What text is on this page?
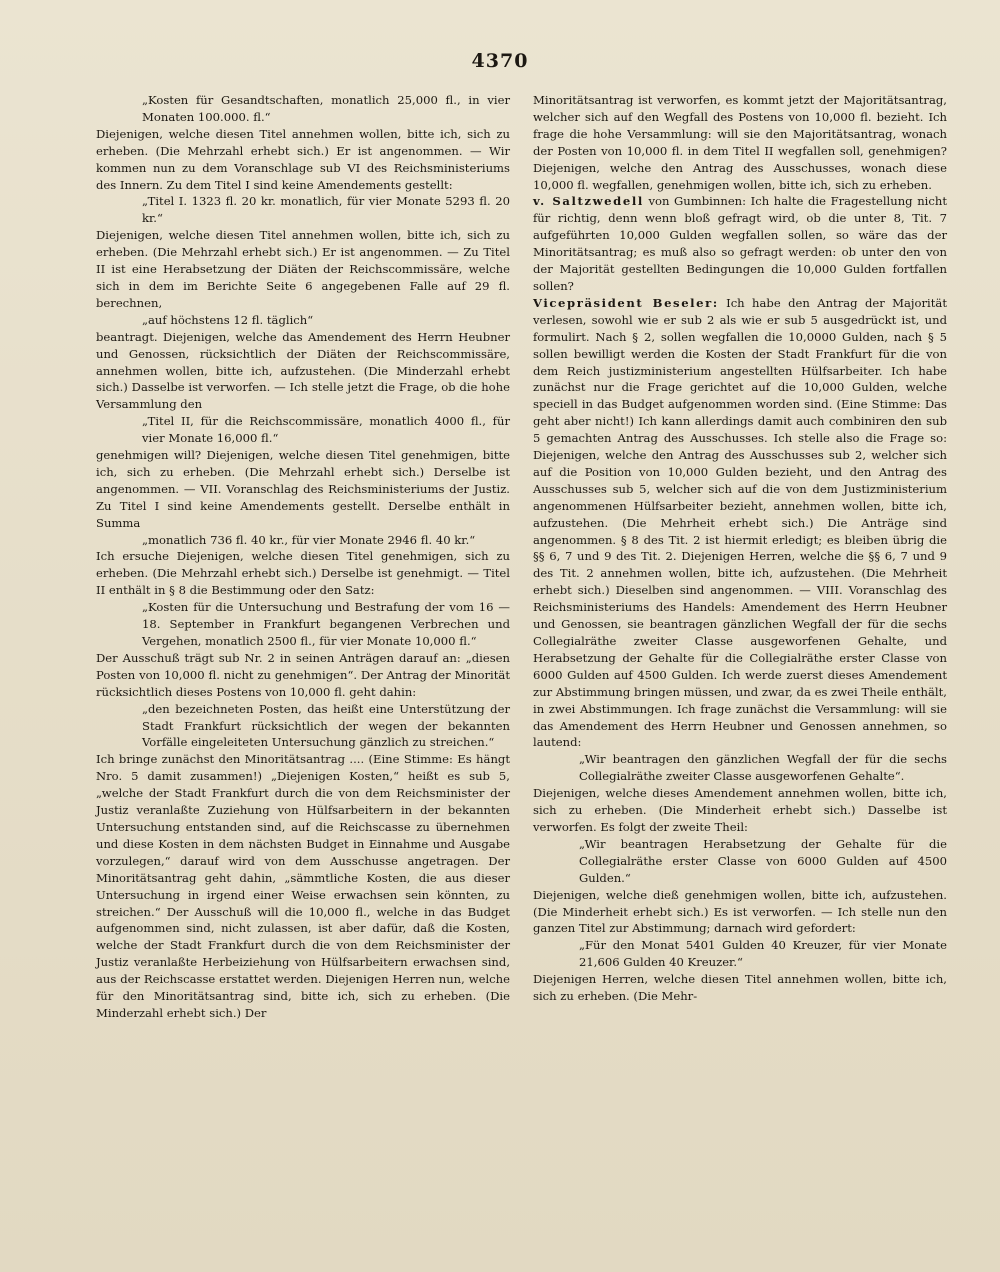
4370

„Kosten für Gesandtschaften, monatlich 25,000 fl., in vier Monaten 100.000. fl.“

Diejenigen, welche diesen Titel annehmen wollen, bitte ich, sich zu erheben. (Die Mehrzahl erhebt sich.) Er ist angenommen. — Wir kommen nun zu dem Voranschlage sub VI des Reichsministeriums des Innern. Zu dem Titel I sind keine Amendements gestellt:

„Titel I. 1323 fl. 20 kr. monatlich, für vier Monate 5293 fl. 20 kr.“

Diejenigen, welche diesen Titel annehmen wollen, bitte ich, sich zu erheben. (Die Mehrzahl erhebt sich.) Er ist angenommen. — Zu Titel II ist eine Herabsetzung der Diäten der Reichscommissäre, welche sich in dem im Berichte Seite 6 angegebenen Falle auf 29 fl. berechnen,

„auf höchstens 12 fl. täglich“

beantragt. Diejenigen, welche das Amendement des Herrn Heubner und Genossen, rücksichtlich der Diäten der Reichscommissäre, annehmen wollen, bitte ich, aufzustehen. (Die Minderzahl erhebt sich.) Dasselbe ist verworfen. — Ich stelle jetzt die Frage, ob die hohe Versammlung den

„Titel II, für die Reichscommissäre, monatlich 4000 fl., für vier Monate 16,000 fl.“

genehmigen will? Diejenigen, welche diesen Titel genehmigen, bitte ich, sich zu erheben. (Die Mehrzahl erhebt sich.) Derselbe ist angenommen. — VII. Voranschlag des Reichsministeriums der Justiz. Zu Titel I sind keine Amendements gestellt. Derselbe enthält in Summa

„monatlich 736 fl. 40 kr., für vier Monate 2946 fl. 40 kr.“

Ich ersuche Diejenigen, welche diesen Titel genehmigen, sich zu erheben. (Die Mehrzahl erhebt sich.) Derselbe ist genehmigt. — Titel II enthält in § 8 die Bestimmung oder den Satz:

„Kosten für die Untersuchung und Bestrafung der vom 16 — 18. September in Frankfurt begangenen Verbrechen und Vergehen, monatlich 2500 fl., für vier Monate 10,000 fl.“

Der Ausschuß trägt sub Nr. 2 in seinen Anträgen darauf an: „diesen Posten von 10,000 fl. nicht zu genehmigen“. Der Antrag der Minorität rücksichtlich dieses Postens von 10,000 fl. geht dahin:

„den bezeichneten Posten, das heißt eine Unterstützung der Stadt Frankfurt rücksichtlich der wegen der bekannten Vorfälle eingeleiteten Untersuchung gänzlich zu streichen.“

Ich bringe zunächst den Minoritätsantrag .... (Eine Stimme: Es hängt Nro. 5 damit zusammen!) „Diejenigen Kosten,“ heißt es sub 5, „welche der Stadt Frankfurt durch die von dem Reichsminister der Justiz veranlaßte Zuziehung von Hülfsarbeitern in der bekannten Untersuchung entstanden sind, auf die Reichscasse zu übernehmen und diese Kosten in dem nächsten Budget in Einnahme und Ausgabe vorzulegen,“ darauf wird von dem Ausschusse angetragen. Der Minoritätsantrag geht dahin, „sämmtliche Kosten, die aus dieser Untersuchung in irgend einer Weise erwachsen sein könnten, zu streichen.“ Der Ausschuß will die 10,000 fl., welche in das Budget aufgenommen sind, nicht zulassen, ist aber dafür, daß die Kosten, welche der Stadt Frankfurt durch die von dem Reichsminister der Justiz veranlaßte Herbeiziehung von Hülfsarbeitern erwachsen sind, aus der Reichscasse erstattet werden. Diejenigen Herren nun, welche für den Minoritätsantrag sind, bitte ich, sich zu erheben. (Die Minderzahl erhebt sich.) Der

Minoritätsantrag ist verworfen, es kommt jetzt der Majoritätsantrag, welcher sich auf den Wegfall des Postens von 10,000 fl. bezieht. Ich frage die hohe Versammlung: will sie den Majoritätsantrag, wonach der Posten von 10,000 fl. in dem Titel II wegfallen soll, genehmigen? Diejenigen, welche den Antrag des Ausschusses, wonach diese 10,000 fl. wegfallen, genehmigen wollen, bitte ich, sich zu erheben.

v. Saltzwedell von Gumbinnen: Ich halte die Fragestellung nicht für richtig, denn wenn bloß gefragt wird, ob die unter 8, Tit. 7 aufgeführten 10,000 Gulden wegfallen sollen, so wäre das der Minoritätsantrag; es muß also so gefragt werden: ob unter den von der Majorität gestellten Bedingungen die 10,000 Gulden fortfallen sollen?

Vicepräsident Beseler: Ich habe den Antrag der Majorität verlesen, sowohl wie er sub 2 als wie er sub 5 ausgedrückt ist, und formulirt. Nach § 2, sollen wegfallen die 10,0000 Gulden, nach § 5 sollen bewilligt werden die Kosten der Stadt Frankfurt für die von dem Reich justizministerium angestellten Hülfsarbeiter. Ich habe zunächst nur die Frage gerichtet auf die 10,000 Gulden, welche speciell in das Budget aufgenommen worden sind. (Eine Stimme: Das geht aber nicht!) Ich kann allerdings damit auch combiniren den sub 5 gemachten Antrag des Ausschusses. Ich stelle also die Frage so: Diejenigen, welche den Antrag des Ausschusses sub 2, welcher sich auf die Position von 10,000 Gulden bezieht, und den Antrag des Ausschusses sub 5, welcher sich auf die von dem Justizministerium angenommenen Hülfsarbeiter bezieht, annehmen wollen, bitte ich, aufzustehen. (Die Mehrheit erhebt sich.) Die Anträge sind angenommen. § 8 des Tit. 2 ist hiermit erledigt; es bleiben übrig die §§ 6, 7 und 9 des Tit. 2. Diejenigen Herren, welche die §§ 6, 7 und 9 des Tit. 2 annehmen wollen, bitte ich, aufzustehen. (Die Mehrheit erhebt sich.) Dieselben sind angenommen. — VIII. Voranschlag des Reichsministeriums des Handels: Amendement des Herrn Heubner und Genossen, sie beantragen gänzlichen Wegfall der für die sechs Collegialräthe zweiter Classe ausgeworfenen Gehalte, und Herabsetzung der Gehalte für die Collegialräthe erster Classe von 6000 Gulden auf 4500 Gulden. Ich werde zuerst dieses Amendement zur Abstimmung bringen müssen, und zwar, da es zwei Theile enthält, in zwei Abstimmungen. Ich frage zunächst die Versammlung: will sie das Amendement des Herrn Heubner und Genossen annehmen, so lautend:

„Wir beantragen den gänzlichen Wegfall der für die sechs Collegialräthe zweiter Classe ausgeworfenen Gehalte“.

Diejenigen, welche dieses Amendement annehmen wollen, bitte ich, sich zu erheben. (Die Minderheit erhebt sich.) Dasselbe ist verworfen. Es folgt der zweite Theil:

„Wir beantragen Herabsetzung der Gehalte für die Collegialräthe erster Classe von 6000 Gulden auf 4500 Gulden.“

Diejenigen, welche dieß genehmigen wollen, bitte ich, aufzustehen. (Die Minderheit erhebt sich.) Es ist verworfen. — Ich stelle nun den ganzen Titel zur Abstimmung; darnach wird gefordert:

„Für den Monat 5401 Gulden 40 Kreuzer, für vier Monate 21,606 Gulden 40 Kreuzer.“

Diejenigen Herren, welche diesen Titel annehmen wollen, bitte ich, sich zu erheben. (Die Mehr-
